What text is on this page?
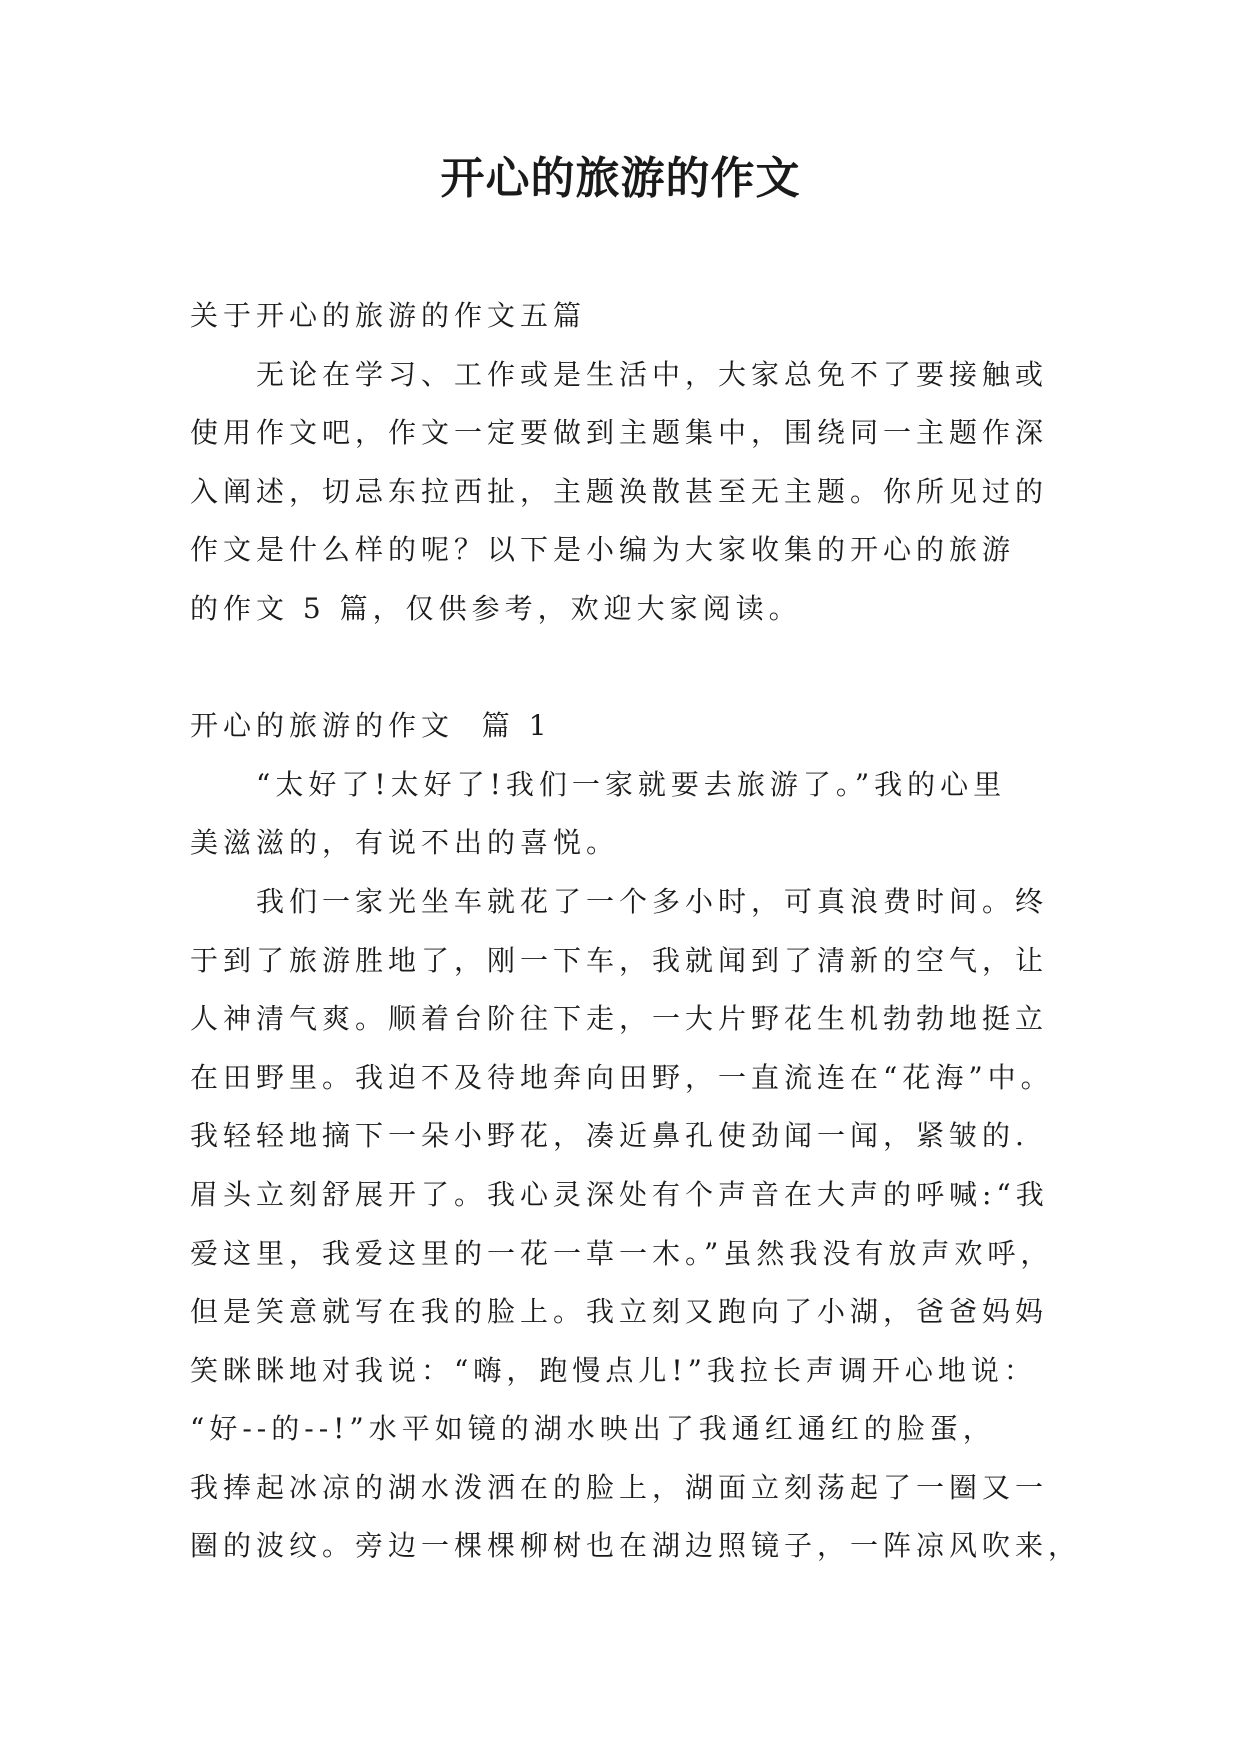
开心的旅游的作文
关于开心的旅游的作文五篇
无论在学习、工作或是生活中，大家总免不了要接触或
使用作文吧，作文一定要做到主题集中，围绕同一主题作深
入阐述，切忌东拉西扯，主题涣散甚至无主题。你所见过的
作文是什么样的呢？以下是小编为大家收集的开心的旅游
的作文 5 篇，仅供参考，欢迎大家阅读。
开心的旅游的作文  篇 1
“太好了!太好了!我们一家就要去旅游了。”我的心里
美滋滋的，有说不出的喜悦。
我们一家光坐车就花了一个多小时，可真浪费时间。终
于到了旅游胜地了，刚一下车，我就闻到了清新的空气，让
人神清气爽。顺着台阶往下走，一大片野花生机勃勃地挺立
在田野里。我迫不及待地奔向田野，一直流连在“花海”中。
我轻轻地摘下一朵小野花，凑近鼻孔使劲闻一闻，紧皱的.
眉头立刻舒展开了。我心灵深处有个声音在大声的呼喊:“我
爱这里，我爱这里的一花一草一木。”虽然我没有放声欢呼，
但是笑意就写在我的脸上。我立刻又跑向了小湖，爸爸妈妈
笑眯眯地对我说：“嗨，跑慢点儿!”我拉长声调开心地说：
“好--的--!”水平如镜的湖水映出了我通红通红的脸蛋，
我捧起冰凉的湖水泼洒在的脸上，湖面立刻荡起了一圈又一
圈的波纹。旁边一棵棵柳树也在湖边照镜子，一阵凉风吹来，
